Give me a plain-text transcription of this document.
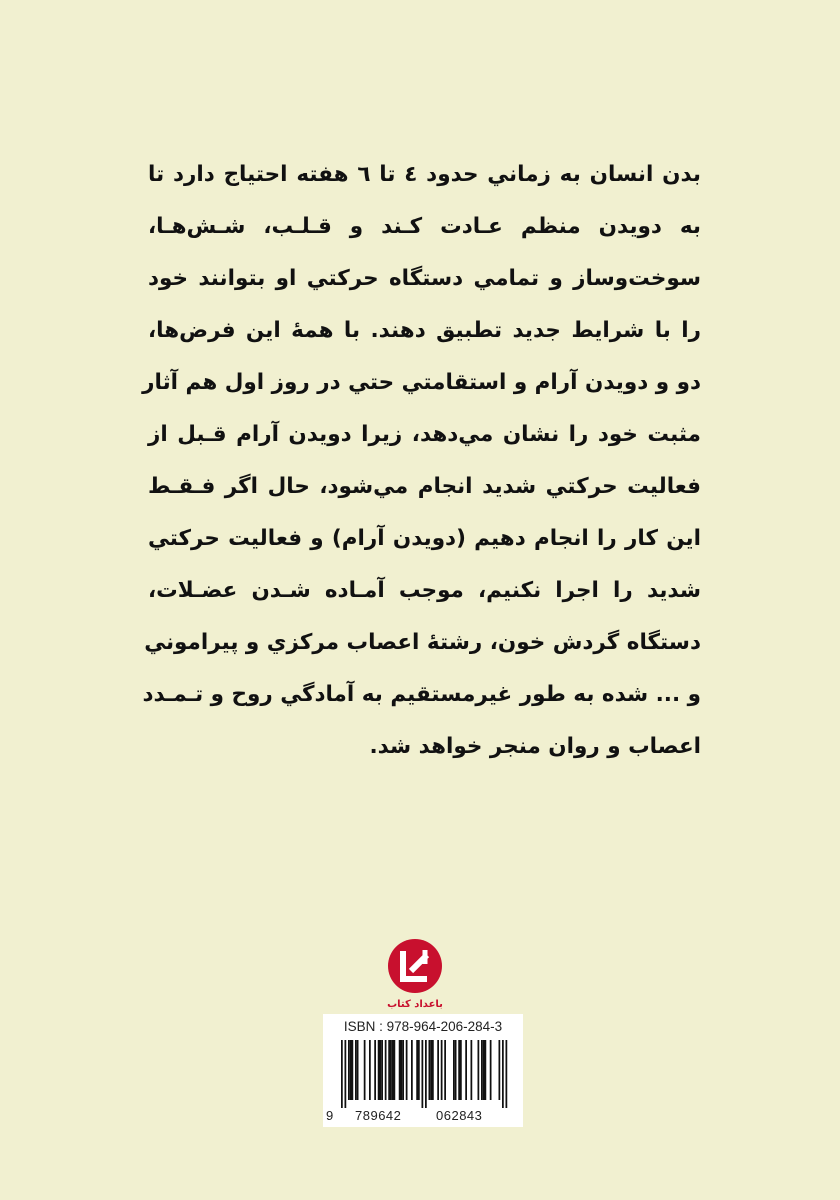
بدن انسان به زماني حدود ٤ تا ٦ هفته احتياج دارد تا
به دويدن منظم عـادت كـند و قـلـب، شـش‌هـا،
سوخت‌وساز و تمامي دستگاه حركتي او بتوانند خود
را با شرايط جديد تطبيق دهند. با همهٔ اين فرض‌ها،
دو و دويدن آرام و استقامتي حتي در روز اول هم آثار
مثبت خود را نشان مي‌دهد، زيرا دويدن آرام قـبل از
فعاليت حركتي شديد انجام مي‌شود، حال اگر فـقـط
اين كار را انجام دهيم (دويدن آرام) و فعاليت حركتي
شديد را اجرا نكنيم، موجب آمـاده شـدن عضـلات،
دستگاه گردش خون، رشتهٔ اعصاب مركزي و پيراموني
و ... شده به طور غيرمستقيم به آمادگي روح و تـمـدد
اعصاب و روان منجر خواهد شد.
باعداد كتاب
ISBN : 978-964-206-284-3
9 789642	062843
